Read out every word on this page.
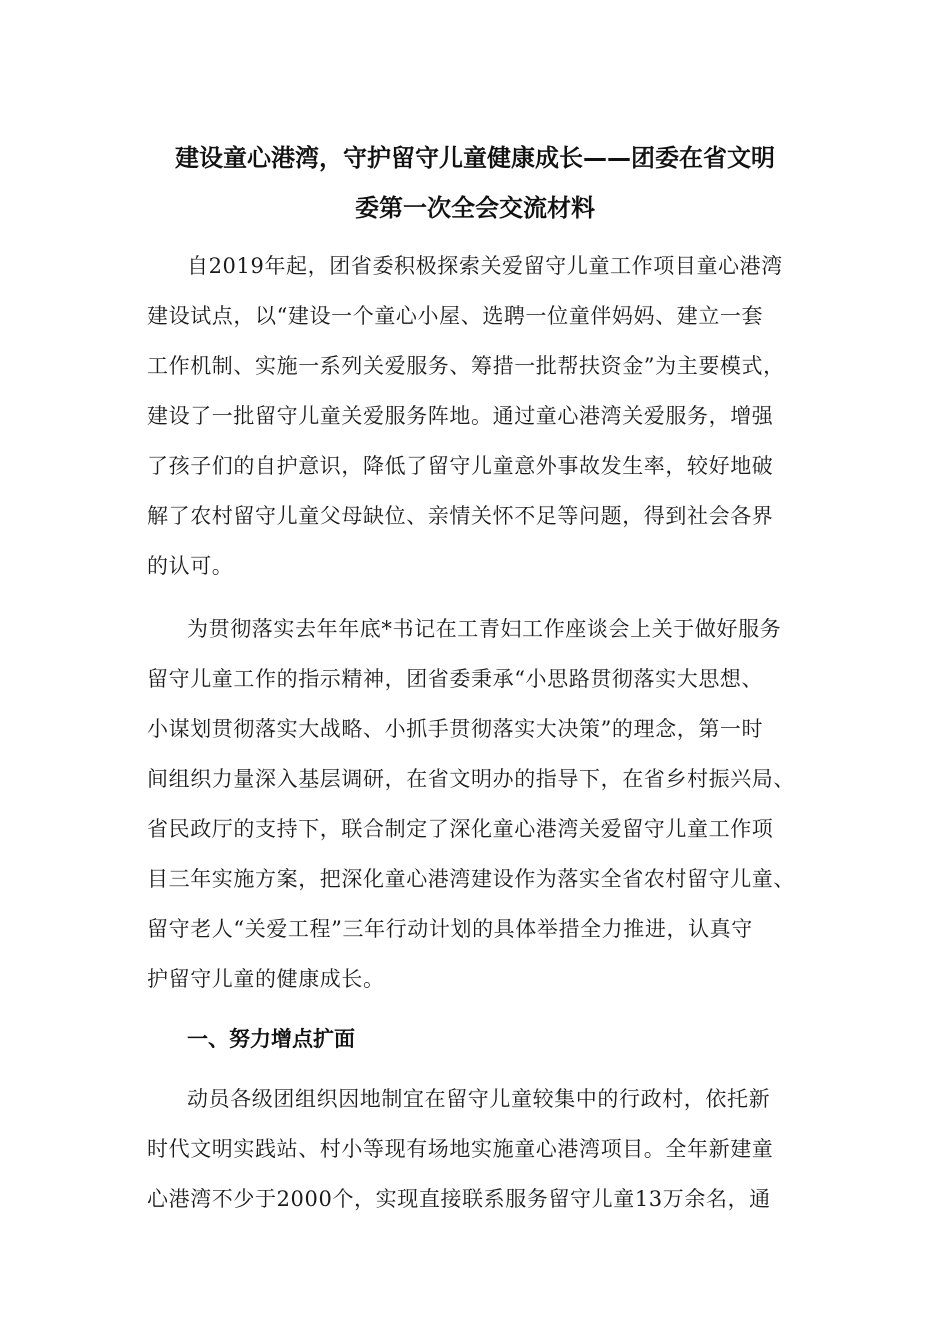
建设童心港湾，守护留守儿童健康成长——团委在省文明
委第一次全会交流材料
自2019年起，团省委积极探索关爱留守儿童工作项目童心港湾
建设试点，以“建设一个童心小屋、选聘一位童伴妈妈、建立一套
工作机制、实施一系列关爱服务、筹措一批帮扶资金”为主要模式，
建设了一批留守儿童关爱服务阵地。通过童心港湾关爱服务，增强
了孩子们的自护意识，降低了留守儿童意外事故发生率，较好地破
解了农村留守儿童父母缺位、亲情关怀不足等问题，得到社会各界
的认可。
为贯彻落实去年年底*书记在工青妇工作座谈会上关于做好服务
留守儿童工作的指示精神，团省委秉承“小思路贯彻落实大思想、
小谋划贯彻落实大战略、小抓手贯彻落实大决策”的理念，第一时
间组织力量深入基层调研，在省文明办的指导下，在省乡村振兴局、
省民政厅的支持下，联合制定了深化童心港湾关爱留守儿童工作项
目三年实施方案，把深化童心港湾建设作为落实全省农村留守儿童、
留守老人“关爱工程”三年行动计划的具体举措全力推进，认真守
护留守儿童的健康成长。
一、努力增点扩面
动员各级团组织因地制宜在留守儿童较集中的行政村，依托新
时代文明实践站、村小等现有场地实施童心港湾项目。全年新建童
心港湾不少于2000个，实现直接联系服务留守儿童13万余名，通
